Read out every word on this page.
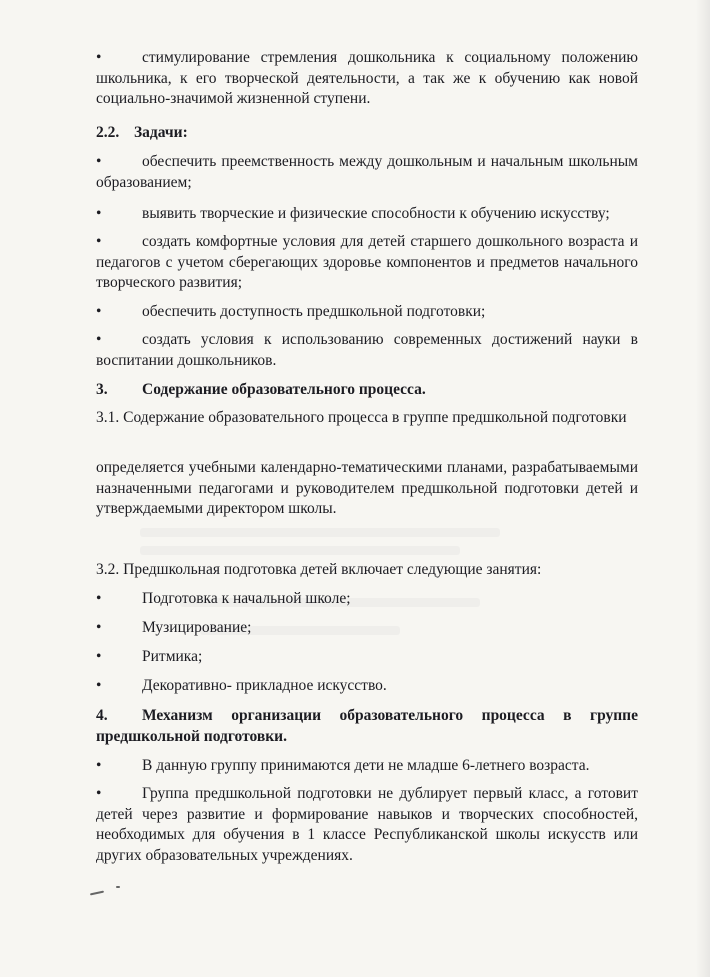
•	стимулирование стремления дошкольника к социальному положению школьника, к его творческой деятельности, а так же к обучению как новой социально-значимой жизненной ступени.
2.2. Задачи:
•	обеспечить преемственность между дошкольным и начальным школьным образованием;
•	выявить творческие и физические способности к обучению искусству;
•	создать комфортные условия для детей старшего дошкольного возраста и педагогов с учетом сберегающих здоровье компонентов и предметов начального творческого развития;
•	обеспечить доступность предшкольной подготовки;
•	создать условия к использованию современных достижений науки в воспитании дошкольников.
3. Содержание образовательного процесса.
3.1. Содержание образовательного процесса в группе предшкольной подготовки
определяется учебными календарно-тематическими планами, разрабатываемыми назначенными педагогами и руководителем предшкольной подготовки детей и утверждаемыми директором школы.
3.2. Предшкольная подготовка детей включает следующие занятия:
•	Подготовка к начальной школе;
•	Музицирование;
•	Ритмика;
•	Декоративно- прикладное искусство.
4. Механизм организации образовательного процесса в группе предшкольной подготовки.
•	В данную группу принимаются дети не младше 6-летнего возраста.
•	Группа предшкольной подготовки не дублирует первый класс, а готовит детей через развитие и формирование навыков и творческих способностей, необходимых для обучения в 1 классе Республиканской школы искусств или других образовательных учреждениях.
